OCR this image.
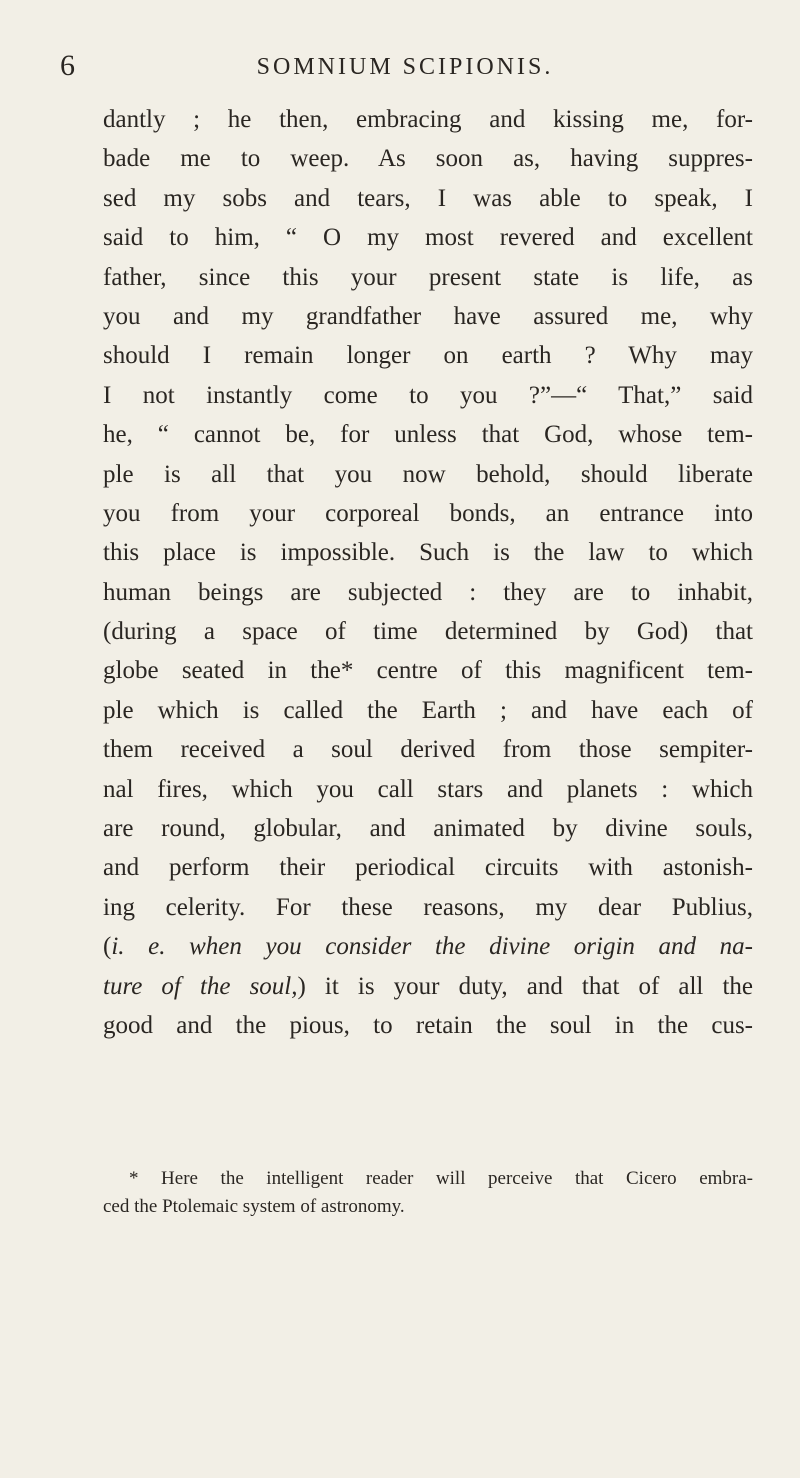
6	SOMNIUM SCIPIONIS.
dantly ; he then, embracing and kissing me, for-
bade me to weep. As soon as, having suppres-
sed my sobs and tears, I was able to speak, I
said to him, “ O my most revered and excellent
father, since this your present state is life, as
you and my grandfather have assured me, why
should I remain longer on earth ? Why may
I not instantly come to you ?”—“ That,” said
he, “ cannot be, for unless that God, whose tem-
ple is all that you now behold, should liberate
you from your corporeal bonds, an entrance into
this place is impossible. Such is the law to which
human beings are subjected : they are to inhabit,
(during a space of time determined by God) that
globe seated in the* centre of this magnificent tem-
ple which is called the Earth ; and have each of
them received a soul derived from those sempiter-
nal fires, which you call stars and planets : which
are round, globular, and animated by divine souls,
and perform their periodical circuits with astonish-
ing celerity. For these reasons, my dear Publius,
(i. e. when you consider the divine origin and na-
ture of the soul,) it is your duty, and that of all the
good and the pious, to retain the soul in the cus-
* Here the intelligent reader will perceive that Cicero embra-
ced the Ptolemaic system of astronomy.
